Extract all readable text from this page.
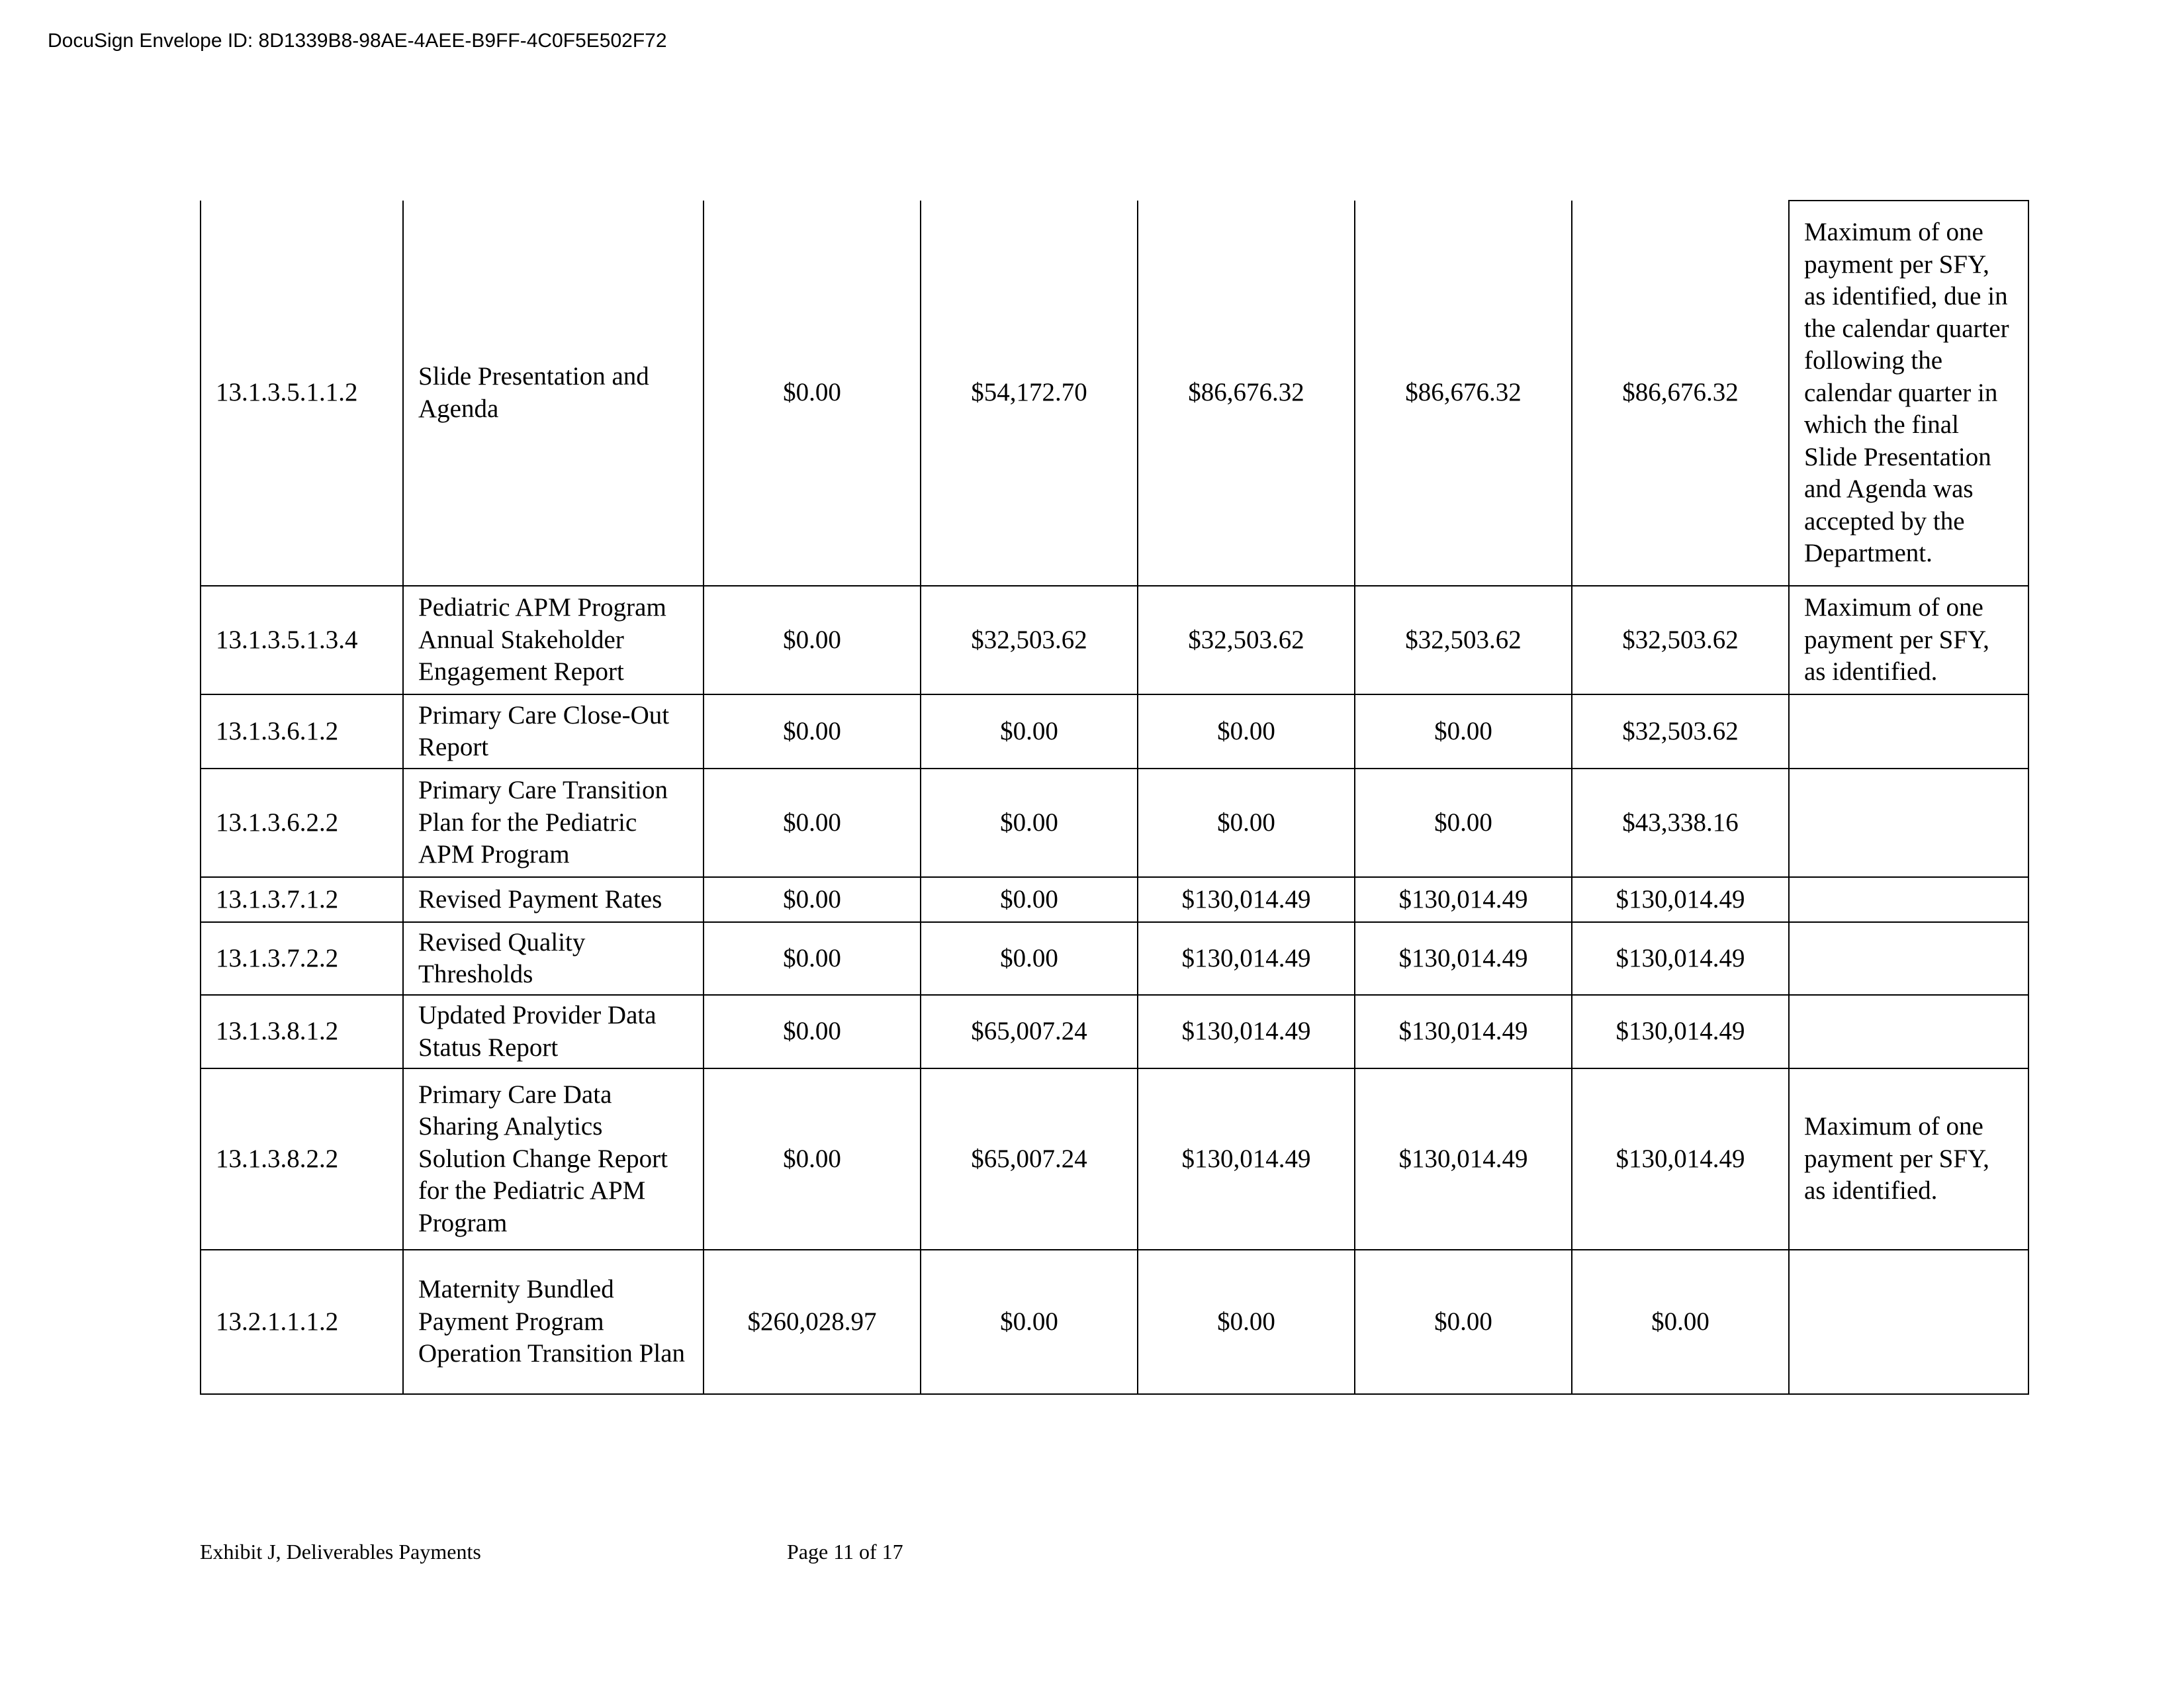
DocuSign Envelope ID: 8D1339B8-98AE-4AEE-B9FF-4C0F5E502F72
13.1.3.5.1.1.2	Slide Presentation and Agenda	$0.00	$54,172.70	$86,676.32	$86,676.32	$86,676.32	Maximum of one payment per SFY, as identified, due in the calendar quarter following the calendar quarter in which the final Slide Presentation and Agenda was accepted by the Department.
13.1.3.5.1.3.4	Pediatric APM Program Annual Stakeholder Engagement Report	$0.00	$32,503.62	$32,503.62	$32,503.62	$32,503.62	Maximum of one payment per SFY, as identified.
13.1.3.6.1.2	Primary Care Close-Out Report	$0.00	$0.00	$0.00	$0.00	$32,503.62	
13.1.3.6.2.2	Primary Care Transition Plan for the Pediatric APM Program	$0.00	$0.00	$0.00	$0.00	$43,338.16	
13.1.3.7.1.2	Revised Payment Rates	$0.00	$0.00	$130,014.49	$130,014.49	$130,014.49	
13.1.3.7.2.2	Revised Quality Thresholds	$0.00	$0.00	$130,014.49	$130,014.49	$130,014.49	
13.1.3.8.1.2	Updated Provider Data Status Report	$0.00	$65,007.24	$130,014.49	$130,014.49	$130,014.49	
13.1.3.8.2.2	Primary Care Data Sharing Analytics Solution Change Report for the Pediatric APM Program	$0.00	$65,007.24	$130,014.49	$130,014.49	$130,014.49	Maximum of one payment per SFY, as identified.
13.2.1.1.1.2	Maternity Bundled Payment Program Operation Transition Plan	$260,028.97	$0.00	$0.00	$0.00	$0.00	
Exhibit J, Deliverables Payments	Page 11 of 17
